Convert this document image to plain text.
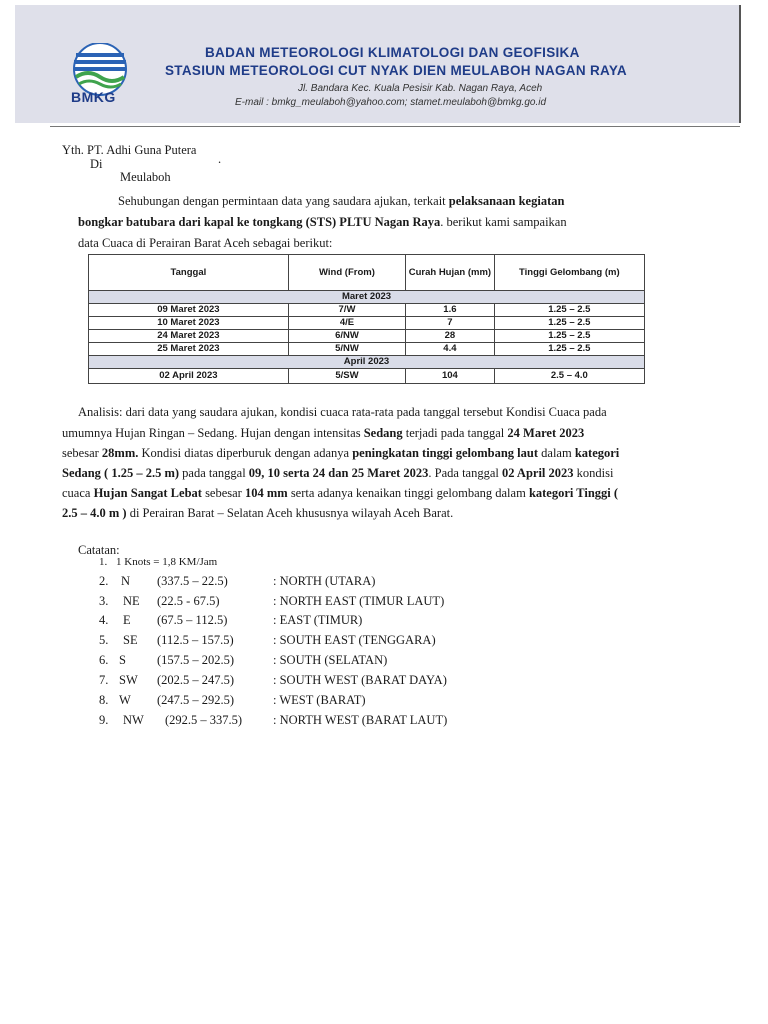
BMKG
BADAN METEOROLOGI KLIMATOLOGI DAN GEOFISIKA
STASIUN METEOROLOGI CUT NYAK DIEN MEULABOH NAGAN RAYA
Jl. Bandara Kec. Kuala Pesisir Kab. Nagan Raya, Aceh
E-mail : bmkg_meulaboh@yahoo.com; stamet.meulaboh@bmkg.go.id
Yth. PT. Adhi Guna Putera
Di	.
Meulaboh
Sehubungan dengan permintaan data yang saudara ajukan, terkait pelaksanaan kegiatan
bongkar batubara dari kapal ke tongkang (STS) PLTU Nagan Raya. berikut kami sampaikan
data Cuaca di Perairan Barat Aceh sebagai berikut:
Tanggal	Wind (From)	Curah Hujan (mm)	Tinggi Gelombang (m)
Maret 2023			
09 Maret 2023	7/W	1.6	1.25 – 2.5
10 Maret 2023	4/E	7	1.25 – 2.5
24 Maret 2023	6/NW	28	1.25 – 2.5
25 Maret 2023	5/NW	4.4	1.25 – 2.5
April 2023			
02 April 2023	5/SW	104	2.5 – 4.0
Analisis: dari data yang saudara ajukan, kondisi cuaca rata-rata pada tanggal tersebut Kondisi Cuaca pada
umumnya Hujan Ringan – Sedang. Hujan dengan intensitas Sedang terjadi pada tanggal 24 Maret 2023
sebesar 28mm. Kondisi diatas diperburuk dengan adanya peningkatan tinggi gelombang laut dalam kategori
Sedang ( 1.25 – 2.5 m) pada tanggal 09, 10 serta 24 dan 25 Maret 2023. Pada tanggal 02 April 2023 kondisi
cuaca Hujan Sangat Lebat sebesar 104 mm serta adanya kenaikan tinggi gelombang dalam kategori Tinggi (
2.5 – 4.0 m ) di Perairan Barat – Selatan Aceh khususnya wilayah Aceh Barat.
Catatan:
1. 1 Knots = 1,8 KM/Jam
2. N (337.5 – 22.5)	: NORTH (UTARA)
3. NE (22.5 - 67.5)	: NORTH EAST (TIMUR LAUT)
4. E (67.5 – 112.5)	: EAST (TIMUR)
5. SE (112.5 – 157.5)	: SOUTH EAST (TENGGARA)
6. S (157.5 – 202.5)	: SOUTH (SELATAN)
7. SW (202.5 – 247.5)	: SOUTH WEST (BARAT DAYA)
8. W (247.5 – 292.5)	: WEST (BARAT)
9. NW (292.5 – 337.5) : NORTH WEST (BARAT LAUT)
